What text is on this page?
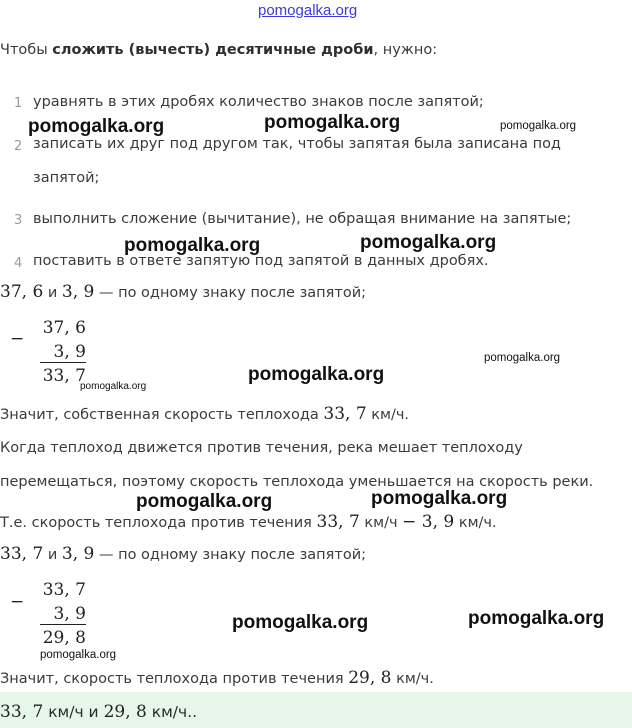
pomogalka.org
Чтобы сложить (вычесть) десятичные дроби, нужно:
1 уравнять в этих дробях количество знаков после запятой;
2 записать их друг под другом так, чтобы запятая была записана под
запятой;
3 выполнить сложение (вычитание), не обращая внимание на запятые;
4 поставить в ответе запятую под запятой в данных дробях.
37, 6 и 3, 9 — по одному знаку после запятой;
−
37, 6
3, 9
33, 7
Значит, собственная скорость теплохода 33, 7 км/ч.
Когда теплоход движется против течения, река мешает теплоходу
перемещаться, поэтому скорость теплохода уменьшается на скорость реки.
Т.е. скорость теплохода против течения 33, 7 км/ч − 3, 9 км/ч.
33, 7 и 3, 9 — по одному знаку после запятой;
−
33, 7
3, 9
29, 8
Значит, скорость теплохода против течения 29, 8 км/ч.
33, 7 км/ч и 29, 8 км/ч..
pomogalka.org	pomogalka.org	pomogalka.org
pomogalka.org	pomogalka.org
pomogalka.org
pomogalka.org
pomogalka.org
pomogalka.org	pomogalka.org
pomogalka.org	pomogalka.org
pomogalka.org
